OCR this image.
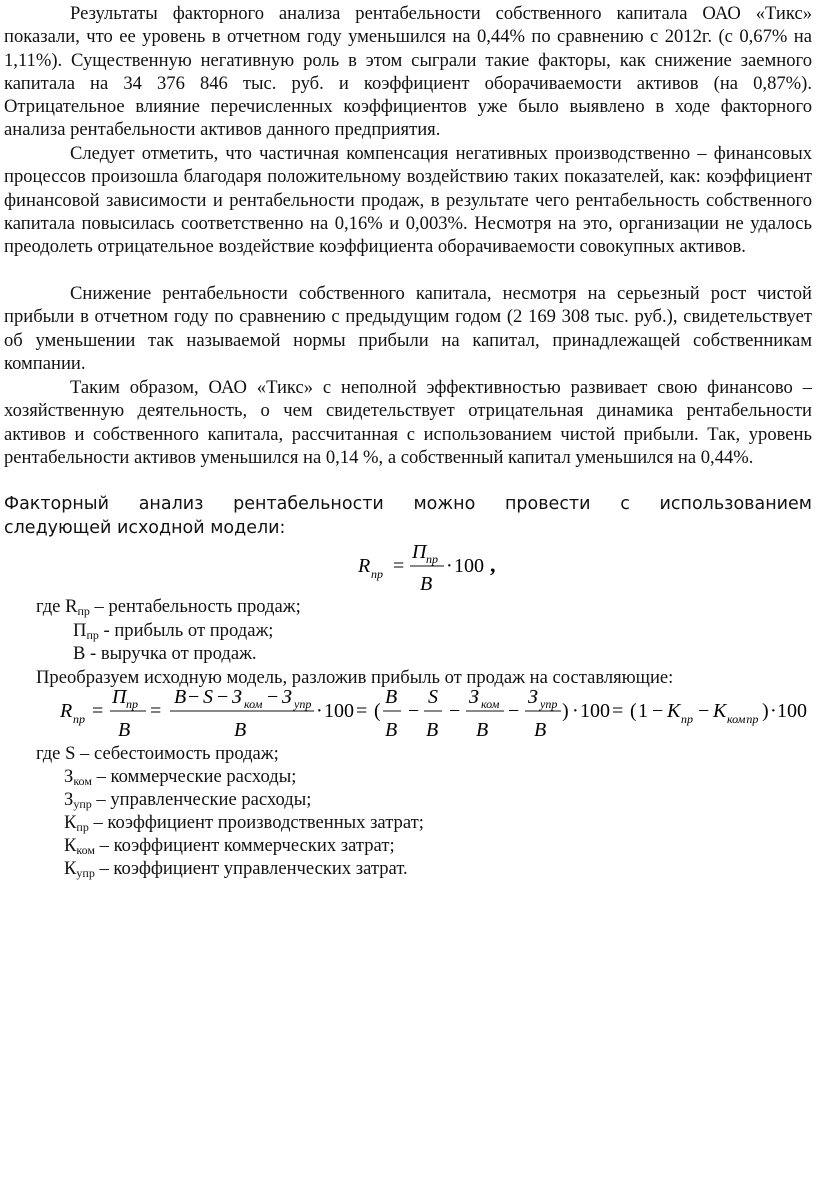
Результаты факторного анализа рентабельности собственного капитала ОАО «Тикс» показали, что ее уровень в отчетном году уменьшился на 0,44% по сравнению с 2012г. (с 0,67% на 1,11%). Существенную негативную роль в этом сыграли такие факторы, как снижение заемного капитала на 34 376 846 тыс. руб. и коэффициент оборачиваемости активов (на 0,87%). Отрицательное влияние перечисленных коэффициентов уже было выявлено в ходе факторного анализа рентабельности активов данного предприятия.

Следует отметить, что частичная компенсация негативных производственно – финансовых процессов произошла благодаря положительному воздействию таких показателей, как: коэффициент финансовой зависимости и рентабельности продаж, в результате чего рентабельность собственного капитала повысилась соответственно на 0,16% и 0,003%. Несмотря на это, организации не удалось преодолеть отрицательное воздействие коэффициента оборачиваемости совокупных активов.

Снижение рентабельности собственного капитала, несмотря на серьезный рост чистой прибыли в отчетном году по сравнению с предыдущим годом (2 169 308 тыс. руб.), свидетельствует об уменьшении так называемой нормы прибыли на капитал, принадлежащей собственникам компании.

Таким образом, ОАО «Тикс» с неполной эффективностью развивает свою финансово – хозяйственную деятельность, о чем свидетельствует отрицательная динамика рентабельности активов и собственного капитала, рассчитанная с использованием чистой прибыли. Так, уровень рентабельности активов уменьшился на 0,14 %, а собственный капитал уменьшился на 0,44%.

Факторный анализ рентабельности можно провести с использованием

следующей исходной модели:

R пр =
П пр
В
· 100 ,
где $R_{пр}$ – рентабельность продаж;
$П_{пр}$ - прибыль от продаж;
В - выручка от продаж.
Преобразуем исходную модель, разложив прибыль от продаж на составляющие:
R пр =
П пр
В
=
В − S − З ком − З упр
В
· 100 = (
В
В
−
S
В
−
З ком
В
−
З упр
В
) · 100 = ( 1 − К пр − К ком пр ) · 100
где S – себестоимость продаж;
$З_{ком}$ – коммерческие расходы;
$З_{упр}$ – управленческие расходы;
$К_{пр}$ – коэффициент производственных затрат;
$К_{ком}$ – коэффициент коммерческих затрат;
$К_{упр}$ – коэффициент управленческих затрат.
